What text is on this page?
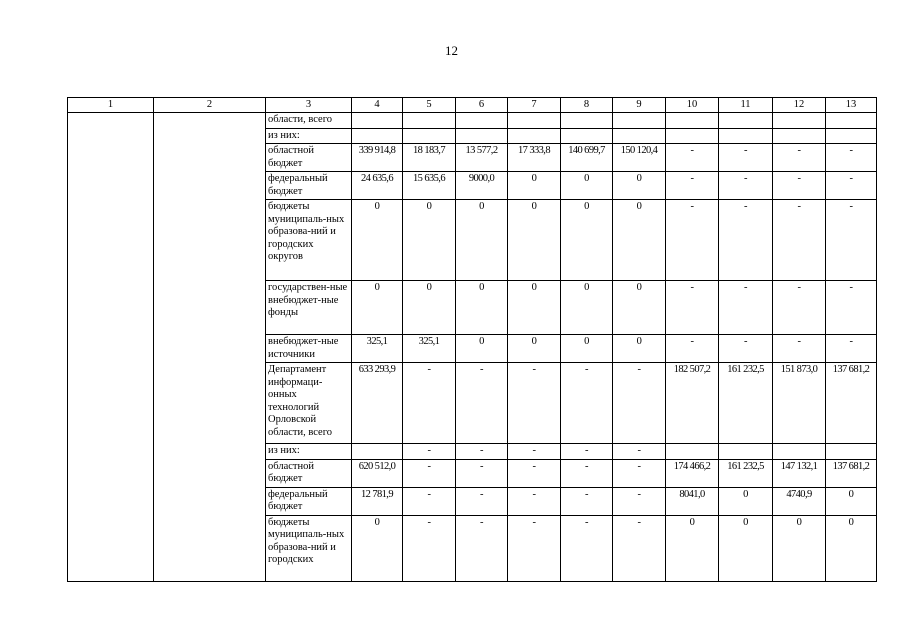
12
1	2	3	4	5	6	7	8	9	10	11	12	13
		области, всего										
		из них:										
		областной бюджет	339 914,8	18 183,7	13 577,2	17 333,8	140 699,7	150 120,4	-	-	-	-
		федеральный бюджет	24 635,6	15 635,6	9000,0	0	0	0	-	-	-	-
		бюджеты муниципаль-ных образова-ний и городских округов	0	0	0	0	0	0	-	-	-	-
		государствен-ные внебюджет-ные фонды	0	0	0	0	0	0	-	-	-	-
		внебюджет-ные источники	325,1	325,1	0	0	0	0	-	-	-	-
		Департамент информаци-онных технологий Орловской области, всего	633 293,9	-	-	-	-	-	182 507,2	161 232,5	151 873,0	137 681,2
		из них:		-	-	-	-	-				
		областной бюджет	620 512,0	-	-	-	-	-	174 466,2	161 232,5	147 132,1	137 681,2
		федеральный бюджет	12 781,9	-	-	-	-	-	8041,0	0	4740,9	0
		бюджеты муниципаль-ных образова-ний и городских	0	-	-	-	-	-	0	0	0	0
